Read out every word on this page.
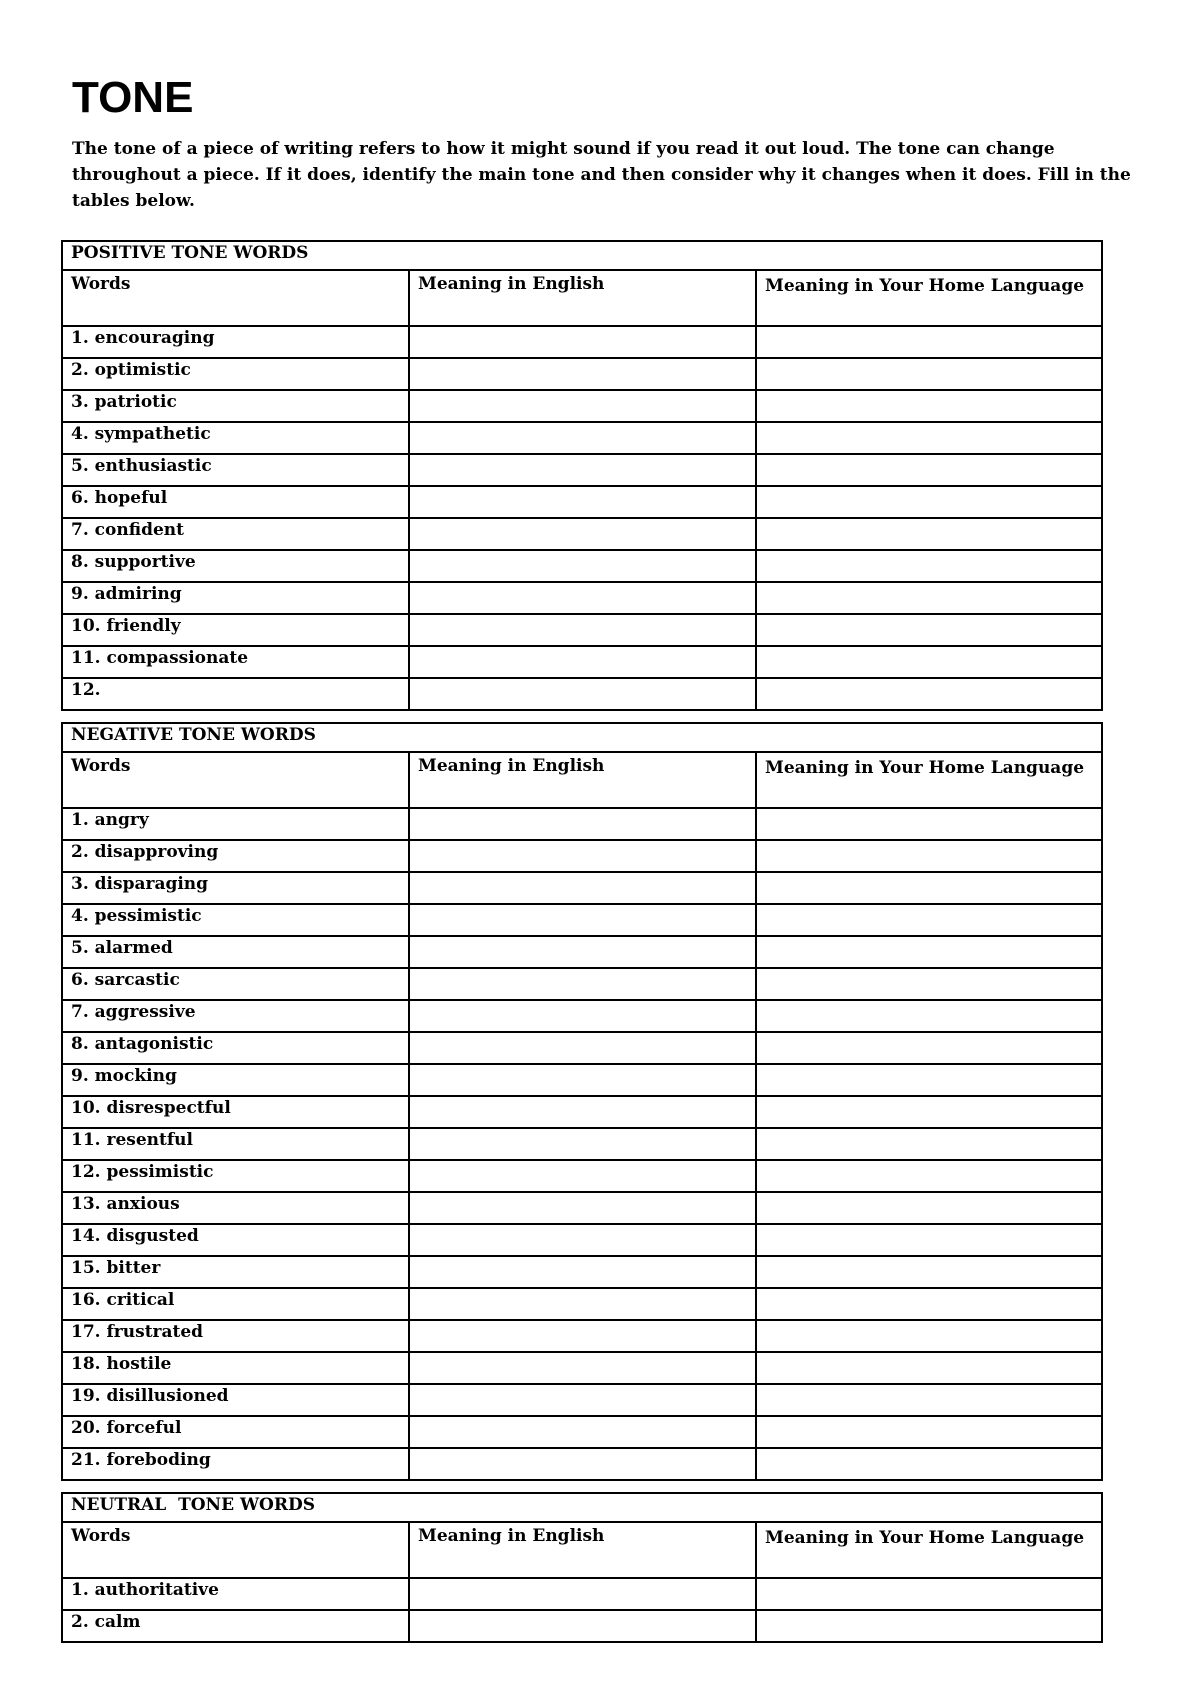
TONE

The tone of a piece of writing refers to how it might sound if you read it out loud. The tone can change throughout a piece. If it does, identify the main tone and then consider why it changes when it does. Fill in the tables below.

POSITIVE TONE WORDS		
Words	Meaning in English	Meaning in Your Home Language
1. encouraging		
2. optimistic		
3. patriotic		
4. sympathetic		
5. enthusiastic		
6. hopeful		
7. confident		
8. supportive		
9. admiring		
10. friendly		
11. compassionate		
12.		
NEGATIVE TONE WORDS		
Words	Meaning in English	Meaning in Your Home Language
1. angry		
2. disapproving		
3. disparaging		
4. pessimistic		
5. alarmed		
6. sarcastic		
7. aggressive		
8. antagonistic		
9. mocking		
10. disrespectful		
11. resentful		
12. pessimistic		
13. anxious		
14. disgusted		
15. bitter		
16. critical		
17. frustrated		
18. hostile		
19. disillusioned		
20. forceful		
21. foreboding		
NEUTRAL  TONE WORDS		
Words	Meaning in English	Meaning in Your Home Language
1. authoritative		
2. calm		
